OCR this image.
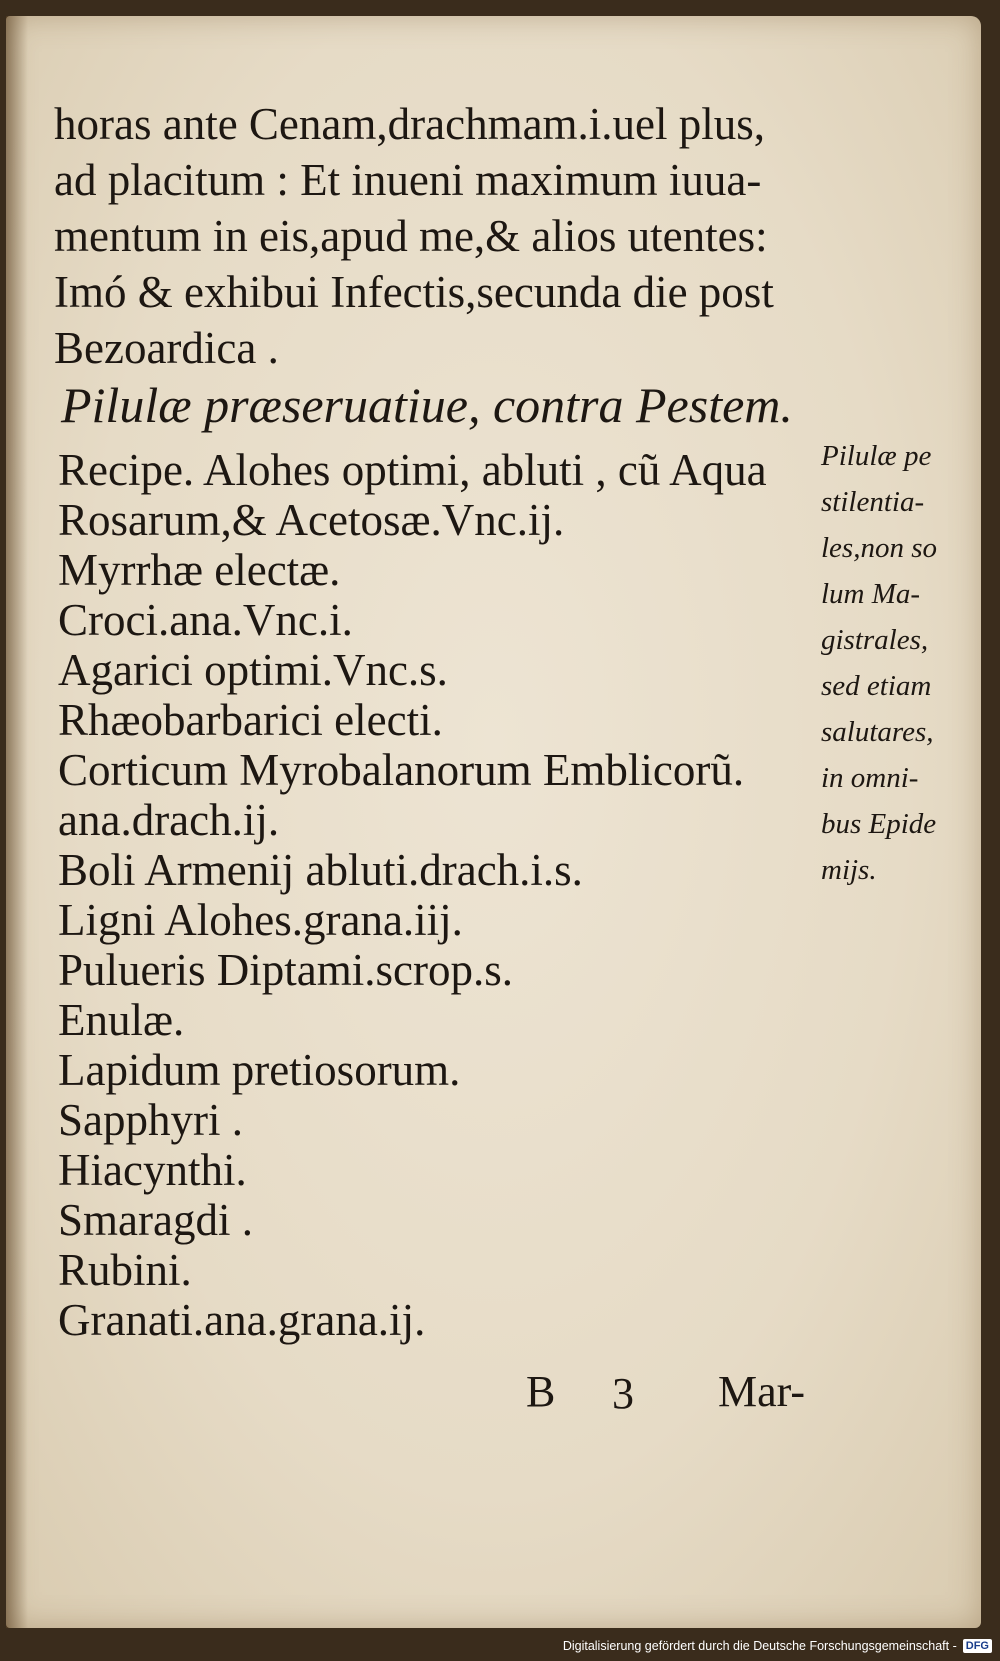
horas ante Cenam,drachmam.i.uel plus,
ad placitum : Et inueni maximum iuua-
mentum in eis,apud me,& alios utentes:
Imó & exhibui Infectis,secunda die post
Bezoardica .
Pilulæ præseruatiue, contra Pestem.
Recipe. Alohes optimi, abluti , cũ Aqua
Rosarum,& Acetosæ.Vnc.ij.
Myrrhæ electæ.
Croci.ana.Vnc.i.
Agarici optimi.Vnc.s.
Rhæobarbarici electi.
Corticum Myrobalanorum Emblicorũ.
ana.drach.ij.
Boli Armenij abluti.drach.i.s.
Ligni Alohes.grana.iij.
Pulueris Diptami.scrop.s.
Enulæ.
Lapidum pretiosorum.
Sapphyri .
Hiacynthi.
Smaragdi .
Rubini.
Granati.ana.grana.ij.
Pilulæ pe
stilentia-
les,non so
lum Ma-
gistrales,
sed etiam
salutares,
in omni-
bus Epide
mijs.
B 3 Mar-
Digitalisierung gefördert durch die Deutsche Forschungsgemeinschaft - DFG
